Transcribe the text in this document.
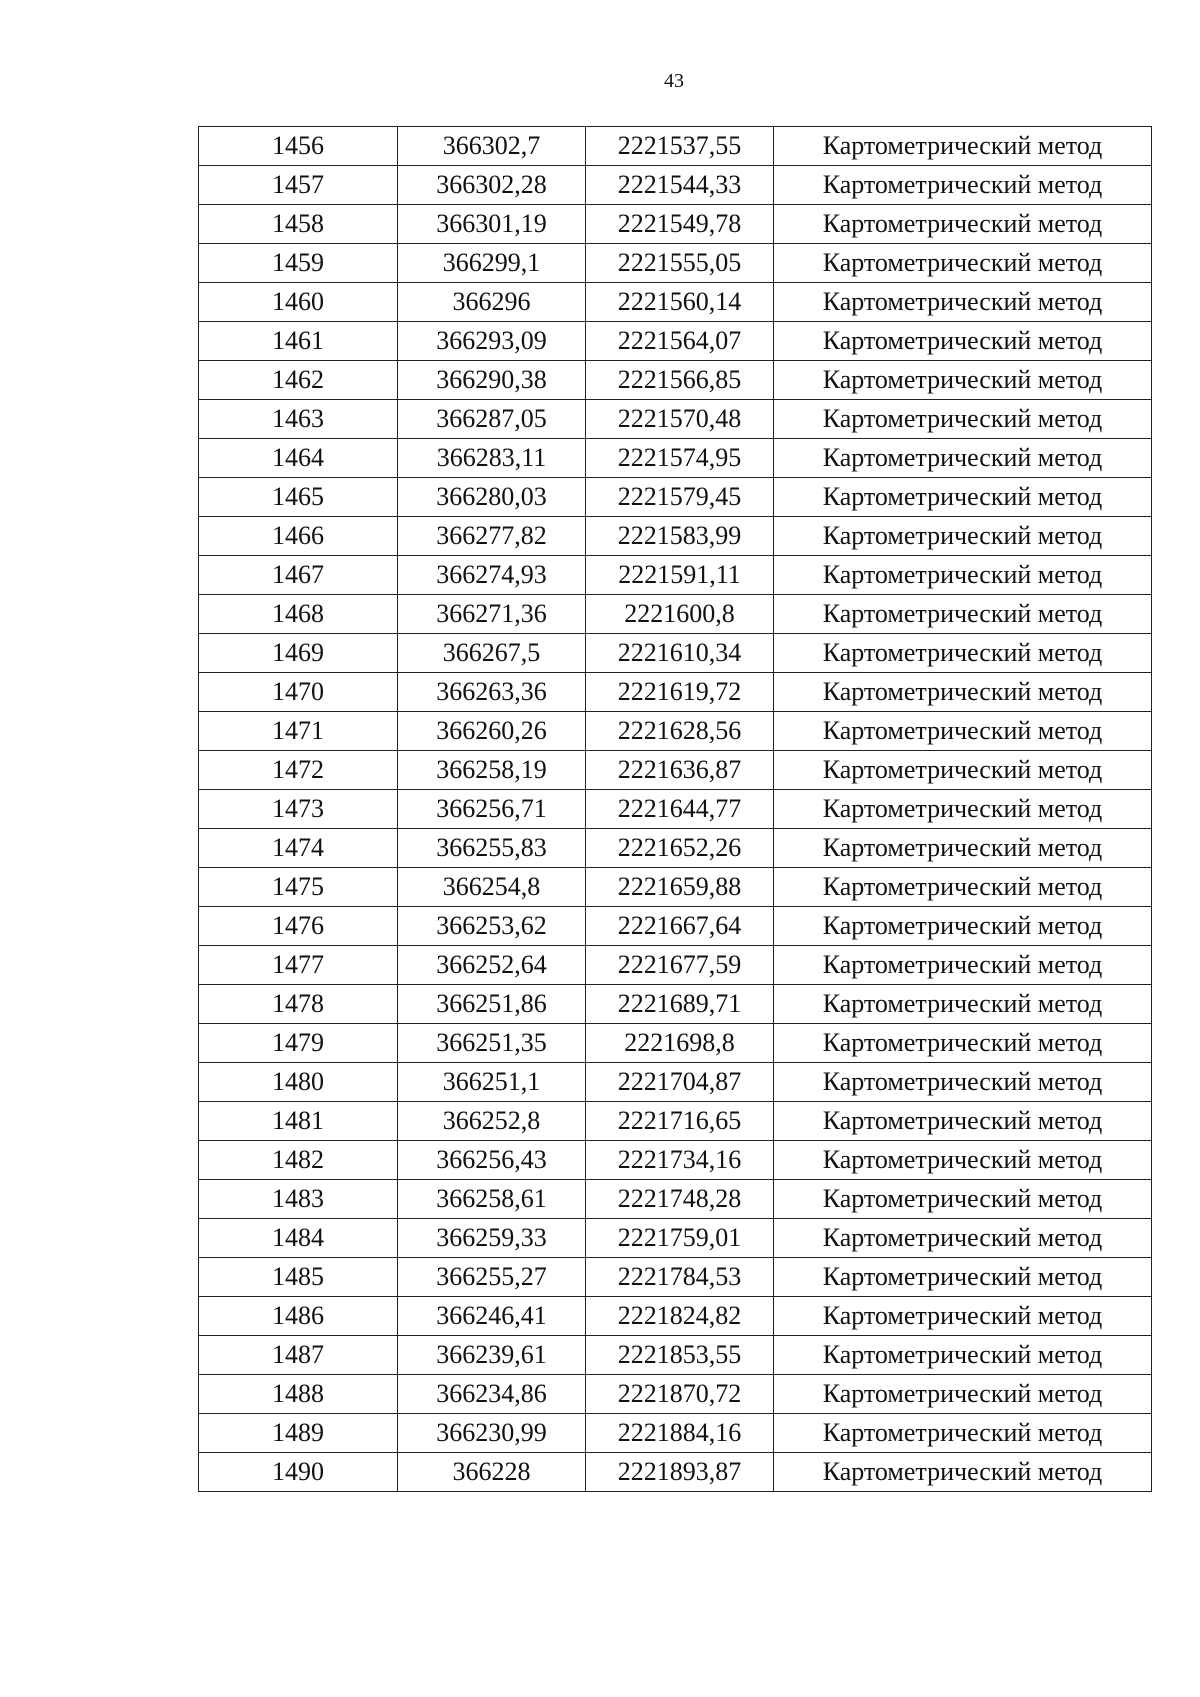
43
1456	366302,7	2221537,55	Картометрический метод
1457	366302,28	2221544,33	Картометрический метод
1458	366301,19	2221549,78	Картометрический метод
1459	366299,1	2221555,05	Картометрический метод
1460	366296	2221560,14	Картометрический метод
1461	366293,09	2221564,07	Картометрический метод
1462	366290,38	2221566,85	Картометрический метод
1463	366287,05	2221570,48	Картометрический метод
1464	366283,11	2221574,95	Картометрический метод
1465	366280,03	2221579,45	Картометрический метод
1466	366277,82	2221583,99	Картометрический метод
1467	366274,93	2221591,11	Картометрический метод
1468	366271,36	2221600,8	Картометрический метод
1469	366267,5	2221610,34	Картометрический метод
1470	366263,36	2221619,72	Картометрический метод
1471	366260,26	2221628,56	Картометрический метод
1472	366258,19	2221636,87	Картометрический метод
1473	366256,71	2221644,77	Картометрический метод
1474	366255,83	2221652,26	Картометрический метод
1475	366254,8	2221659,88	Картометрический метод
1476	366253,62	2221667,64	Картометрический метод
1477	366252,64	2221677,59	Картометрический метод
1478	366251,86	2221689,71	Картометрический метод
1479	366251,35	2221698,8	Картометрический метод
1480	366251,1	2221704,87	Картометрический метод
1481	366252,8	2221716,65	Картометрический метод
1482	366256,43	2221734,16	Картометрический метод
1483	366258,61	2221748,28	Картометрический метод
1484	366259,33	2221759,01	Картометрический метод
1485	366255,27	2221784,53	Картометрический метод
1486	366246,41	2221824,82	Картометрический метод
1487	366239,61	2221853,55	Картометрический метод
1488	366234,86	2221870,72	Картометрический метод
1489	366230,99	2221884,16	Картометрический метод
1490	366228	2221893,87	Картометрический метод
